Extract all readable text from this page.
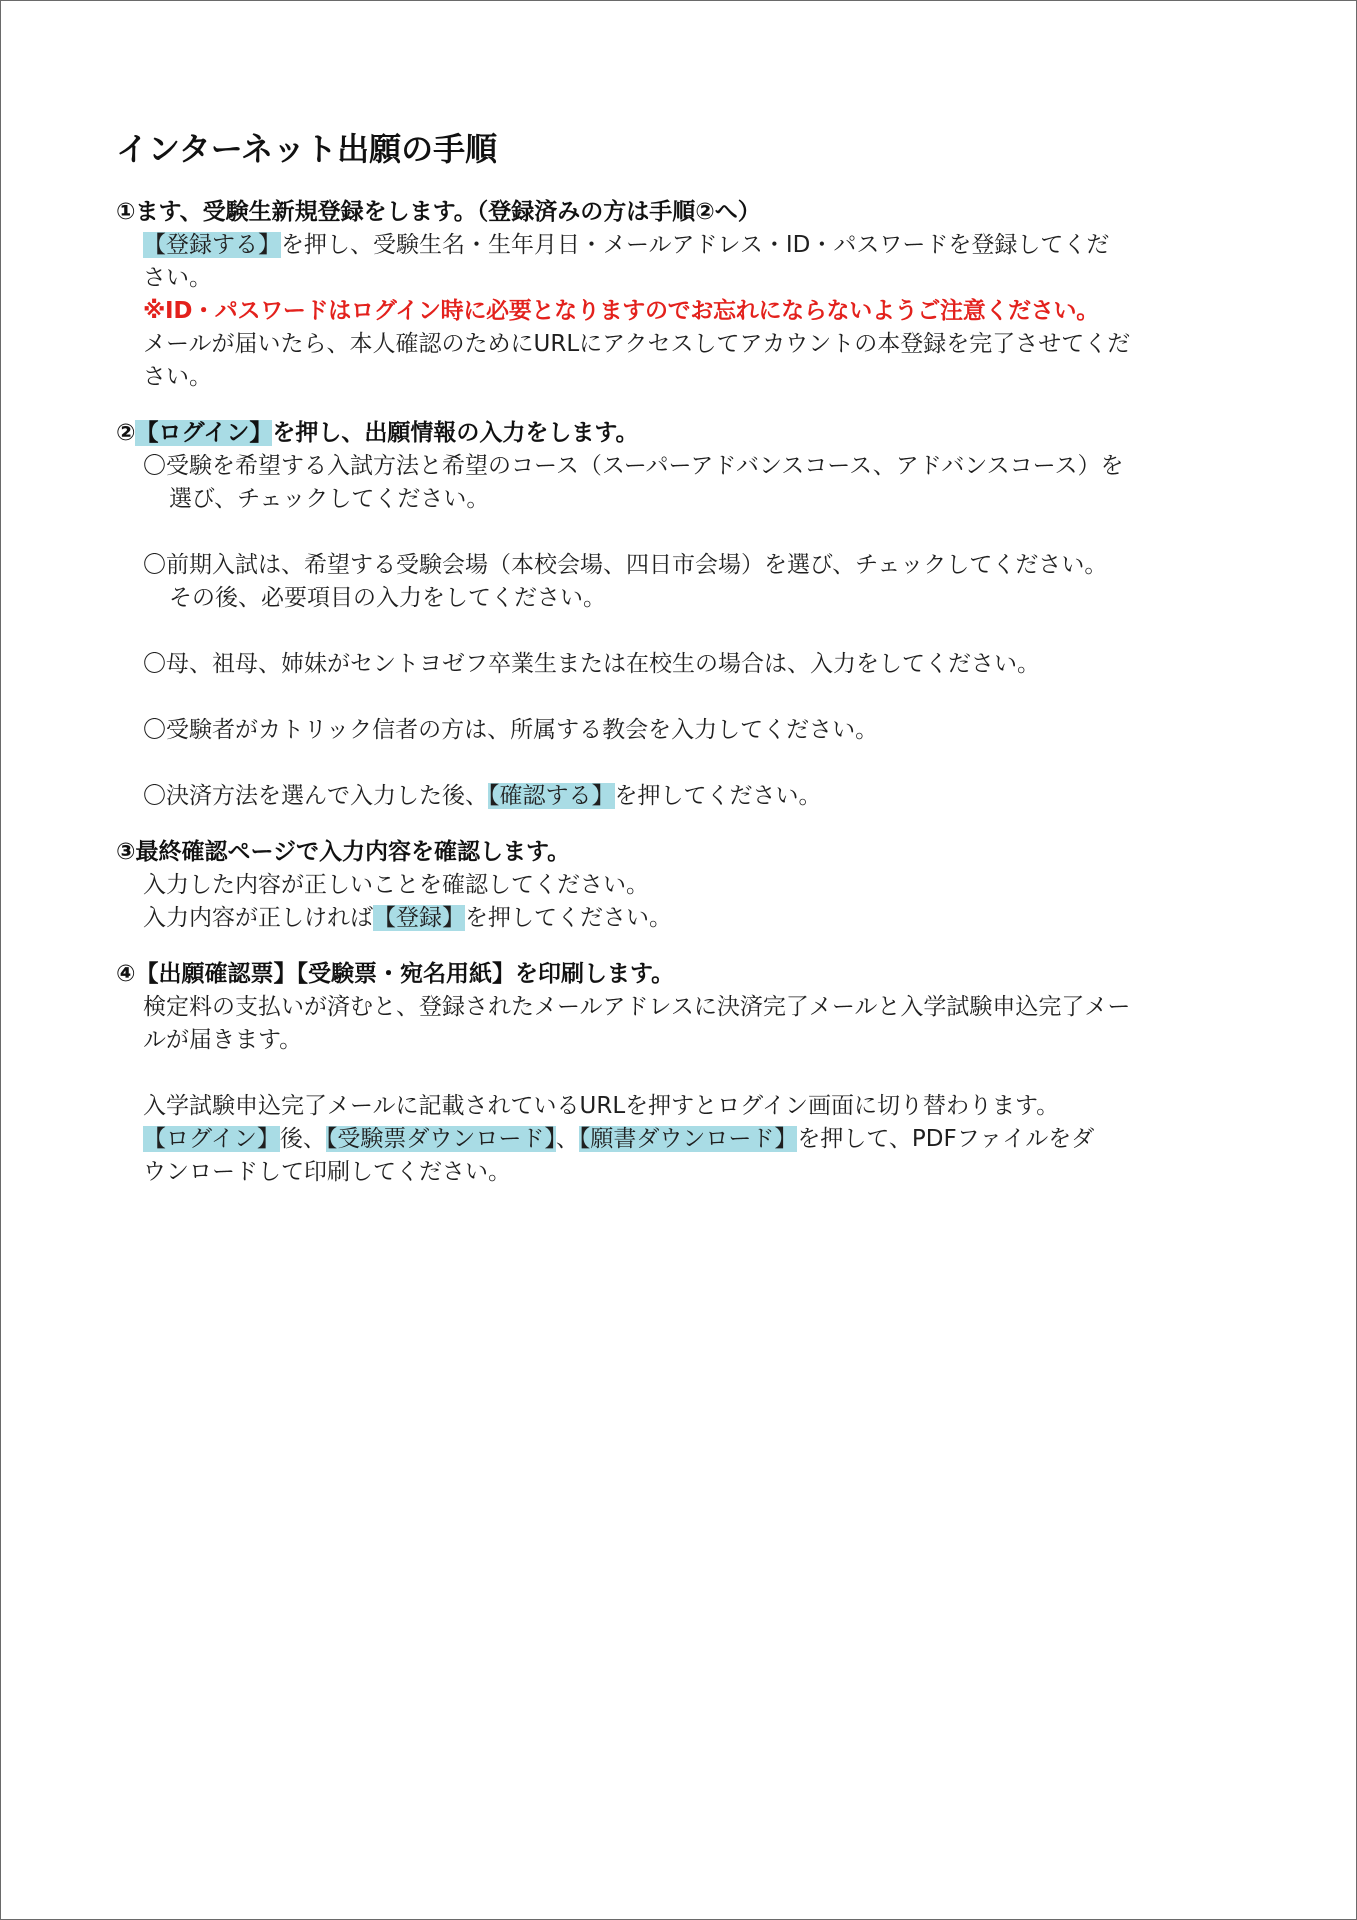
インターネット出願の手順

①ます、受験生新規登録をします。（登録済みの方は手順②へ）

【登録する】を押し、受験生名・生年月日・メールアドレス・ID・パスワードを登録してくだ

さい。

※ID・パスワードはログイン時に必要となりますのでお忘れにならないようご注意ください。

メールが届いたら、本人確認のためにURLにアクセスしてアカウントの本登録を完了させてくだ

さい。

②【ログイン】を押し、出願情報の入力をします。

〇受験を希望する入試方法と希望のコース（スーパーアドバンスコース、アドバンスコース）を

選び、チェックしてください。

〇前期入試は、希望する受験会場（本校会場、四日市会場）を選び、チェックしてください。

その後、必要項目の入力をしてください。

〇母、祖母、姉妹がセントヨゼフ卒業生または在校生の場合は、入力をしてください。

〇受験者がカトリック信者の方は、所属する教会を入力してください。

〇決済方法を選んで入力した後、【確認する】を押してください。

③最終確認ページで入力内容を確認します。

入力した内容が正しいことを確認してください。

入力内容が正しければ【登録】を押してください。

④【出願確認票】【受験票・宛名用紙】を印刷します。

検定料の支払いが済むと、登録されたメールアドレスに決済完了メールと入学試験申込完了メー

ルが届きます。

入学試験申込完了メールに記載されているURLを押すとログイン画面に切り替わります。

【ログイン】後、【受験票ダウンロード】、【願書ダウンロード】を押して、PDFファイルをダ

ウンロードして印刷してください。
